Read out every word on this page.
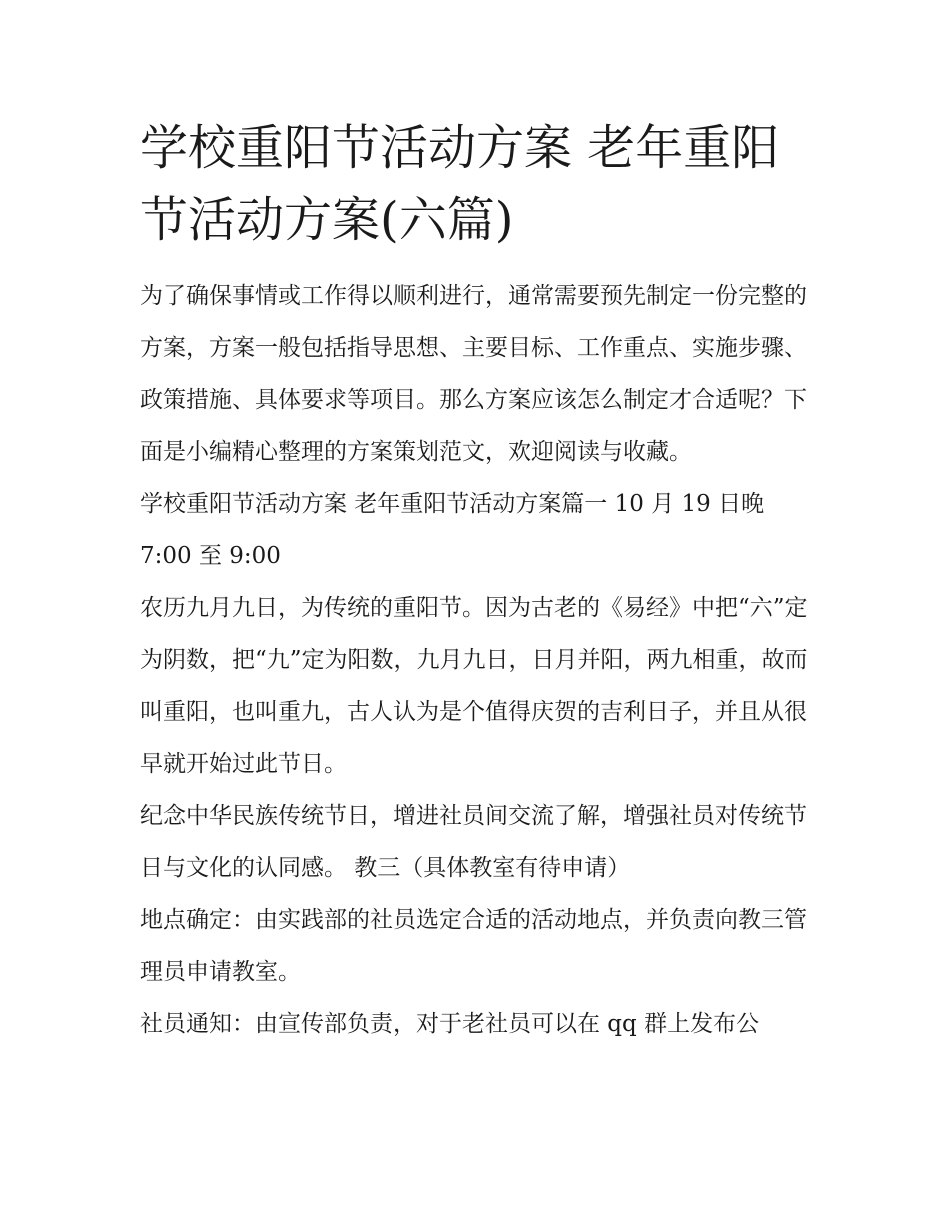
学校重阳节活动方案 老年重阳节活动方案(六篇)

为了确保事情或工作得以顺利进行，通常需要预先制定一份完整的方案，方案一般包括指导思想、主要目标、工作重点、实施步骤、政策措施、具体要求等项目。那么方案应该怎么制定才合适呢？下面是小编精心整理的方案策划范文，欢迎阅读与收藏。

学校重阳节活动方案 老年重阳节活动方案篇一 10 月 19 日晚 7:00 至 9:00

农历九月九日，为传统的重阳节。因为古老的《易经》中把“六”定为阴数，把“九”定为阳数，九月九日，日月并阳，两九相重，故而叫重阳，也叫重九，古人认为是个值得庆贺的吉利日子，并且从很早就开始过此节日。

纪念中华民族传统节日，增进社员间交流了解，增强社员对传统节日与文化的认同感。 教三（具体教室有待申请）

地点确定：由实践部的社员选定合适的活动地点，并负责向教三管理员申请教室。

社员通知：由宣传部负责，对于老社员可以在 qq 群上发布公
